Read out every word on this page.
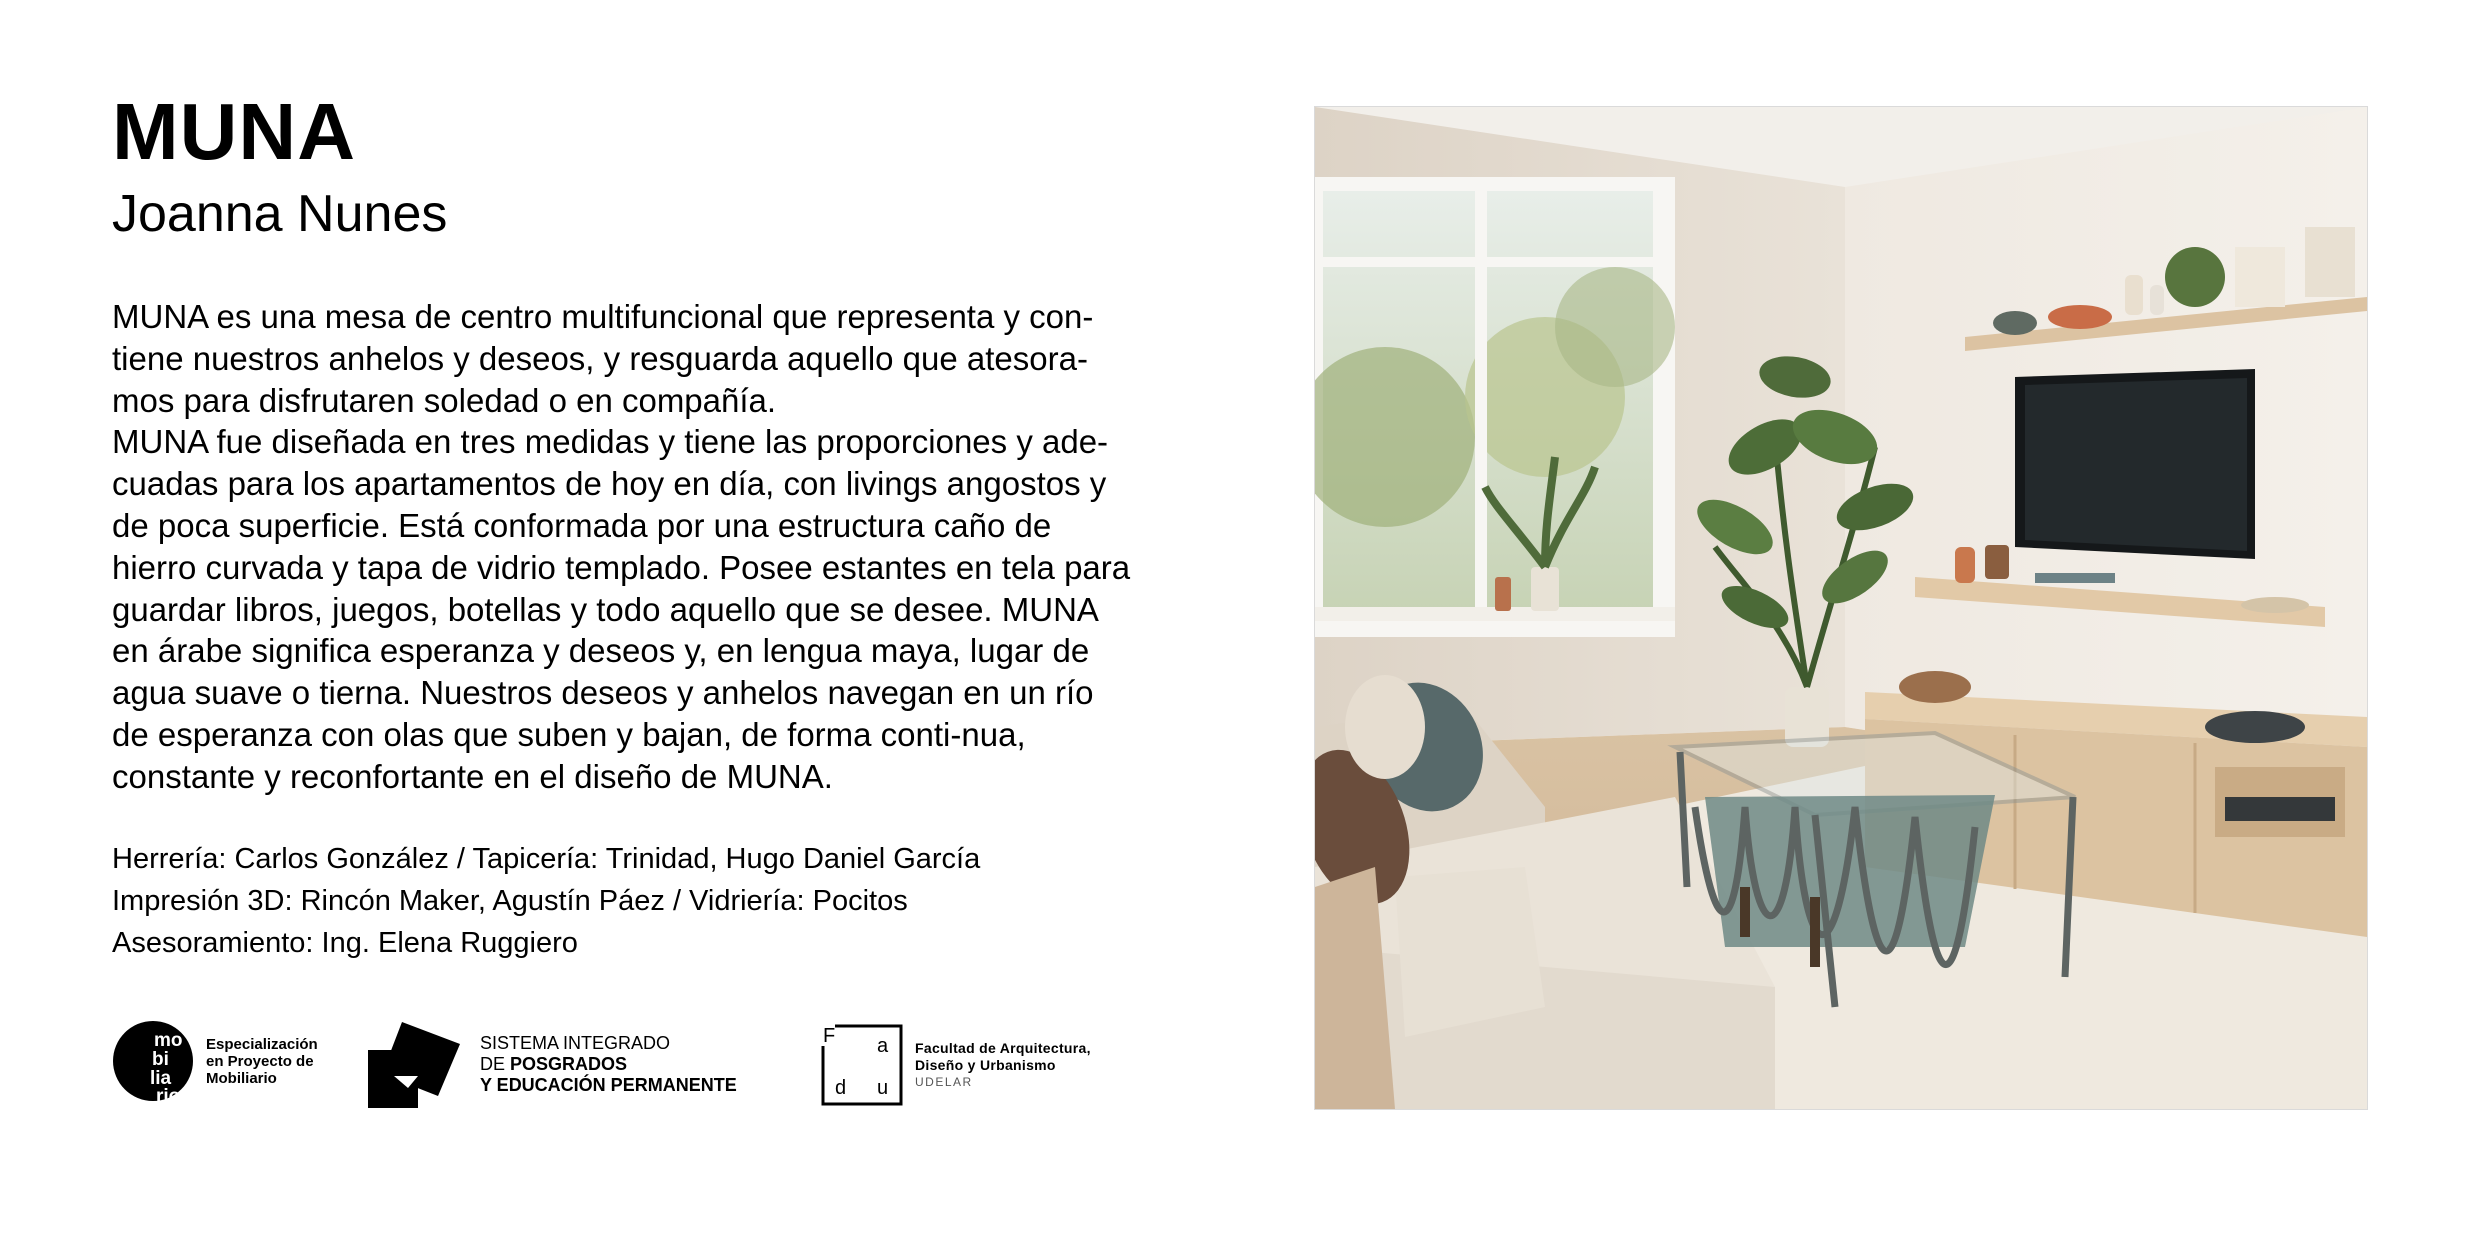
MUNA
Joanna Nunes

MUNA es una mesa de centro multifuncional que representa y con-tiene nuestros anhelos y deseos, y resguarda aquello que atesora-mos para disfrutaren soledad o en compañía.

MUNA fue diseñada en tres medidas y tiene las proporciones y ade-cuadas para los apartamentos de hoy en día, con livings angostos y de poca superficie. Está conformada por una estructura caño de hierro curvada y tapa de vidrio templado. Posee estantes en tela para guardar libros, juegos, botellas y todo aquello que se desee. MUNA en árabe significa esperanza y deseos y, en lengua maya, lugar de agua suave o tierna. Nuestros deseos y anhelos navegan en un río de esperanza con olas que suben y bajan, de forma conti-nua, constante y reconfortante en el diseño de MUNA.

Herrería: Carlos González / Tapicería: Trinidad, Hugo Daniel García
Impresión 3D: Rincón Maker, Agustín Páez / Vidriería: Pocitos
Asesoramiento: Ing. Elena Ruggiero
mo
bi
lia
rio
Especialización
en Proyecto de
Mobiliario
SISTEMA INTEGRADO
DE POSGRADOS
Y EDUCACIÓN PERMANENTE
F a
d u
Facultad de Arquitectura,
Diseño y Urbanismo
UDELAR
